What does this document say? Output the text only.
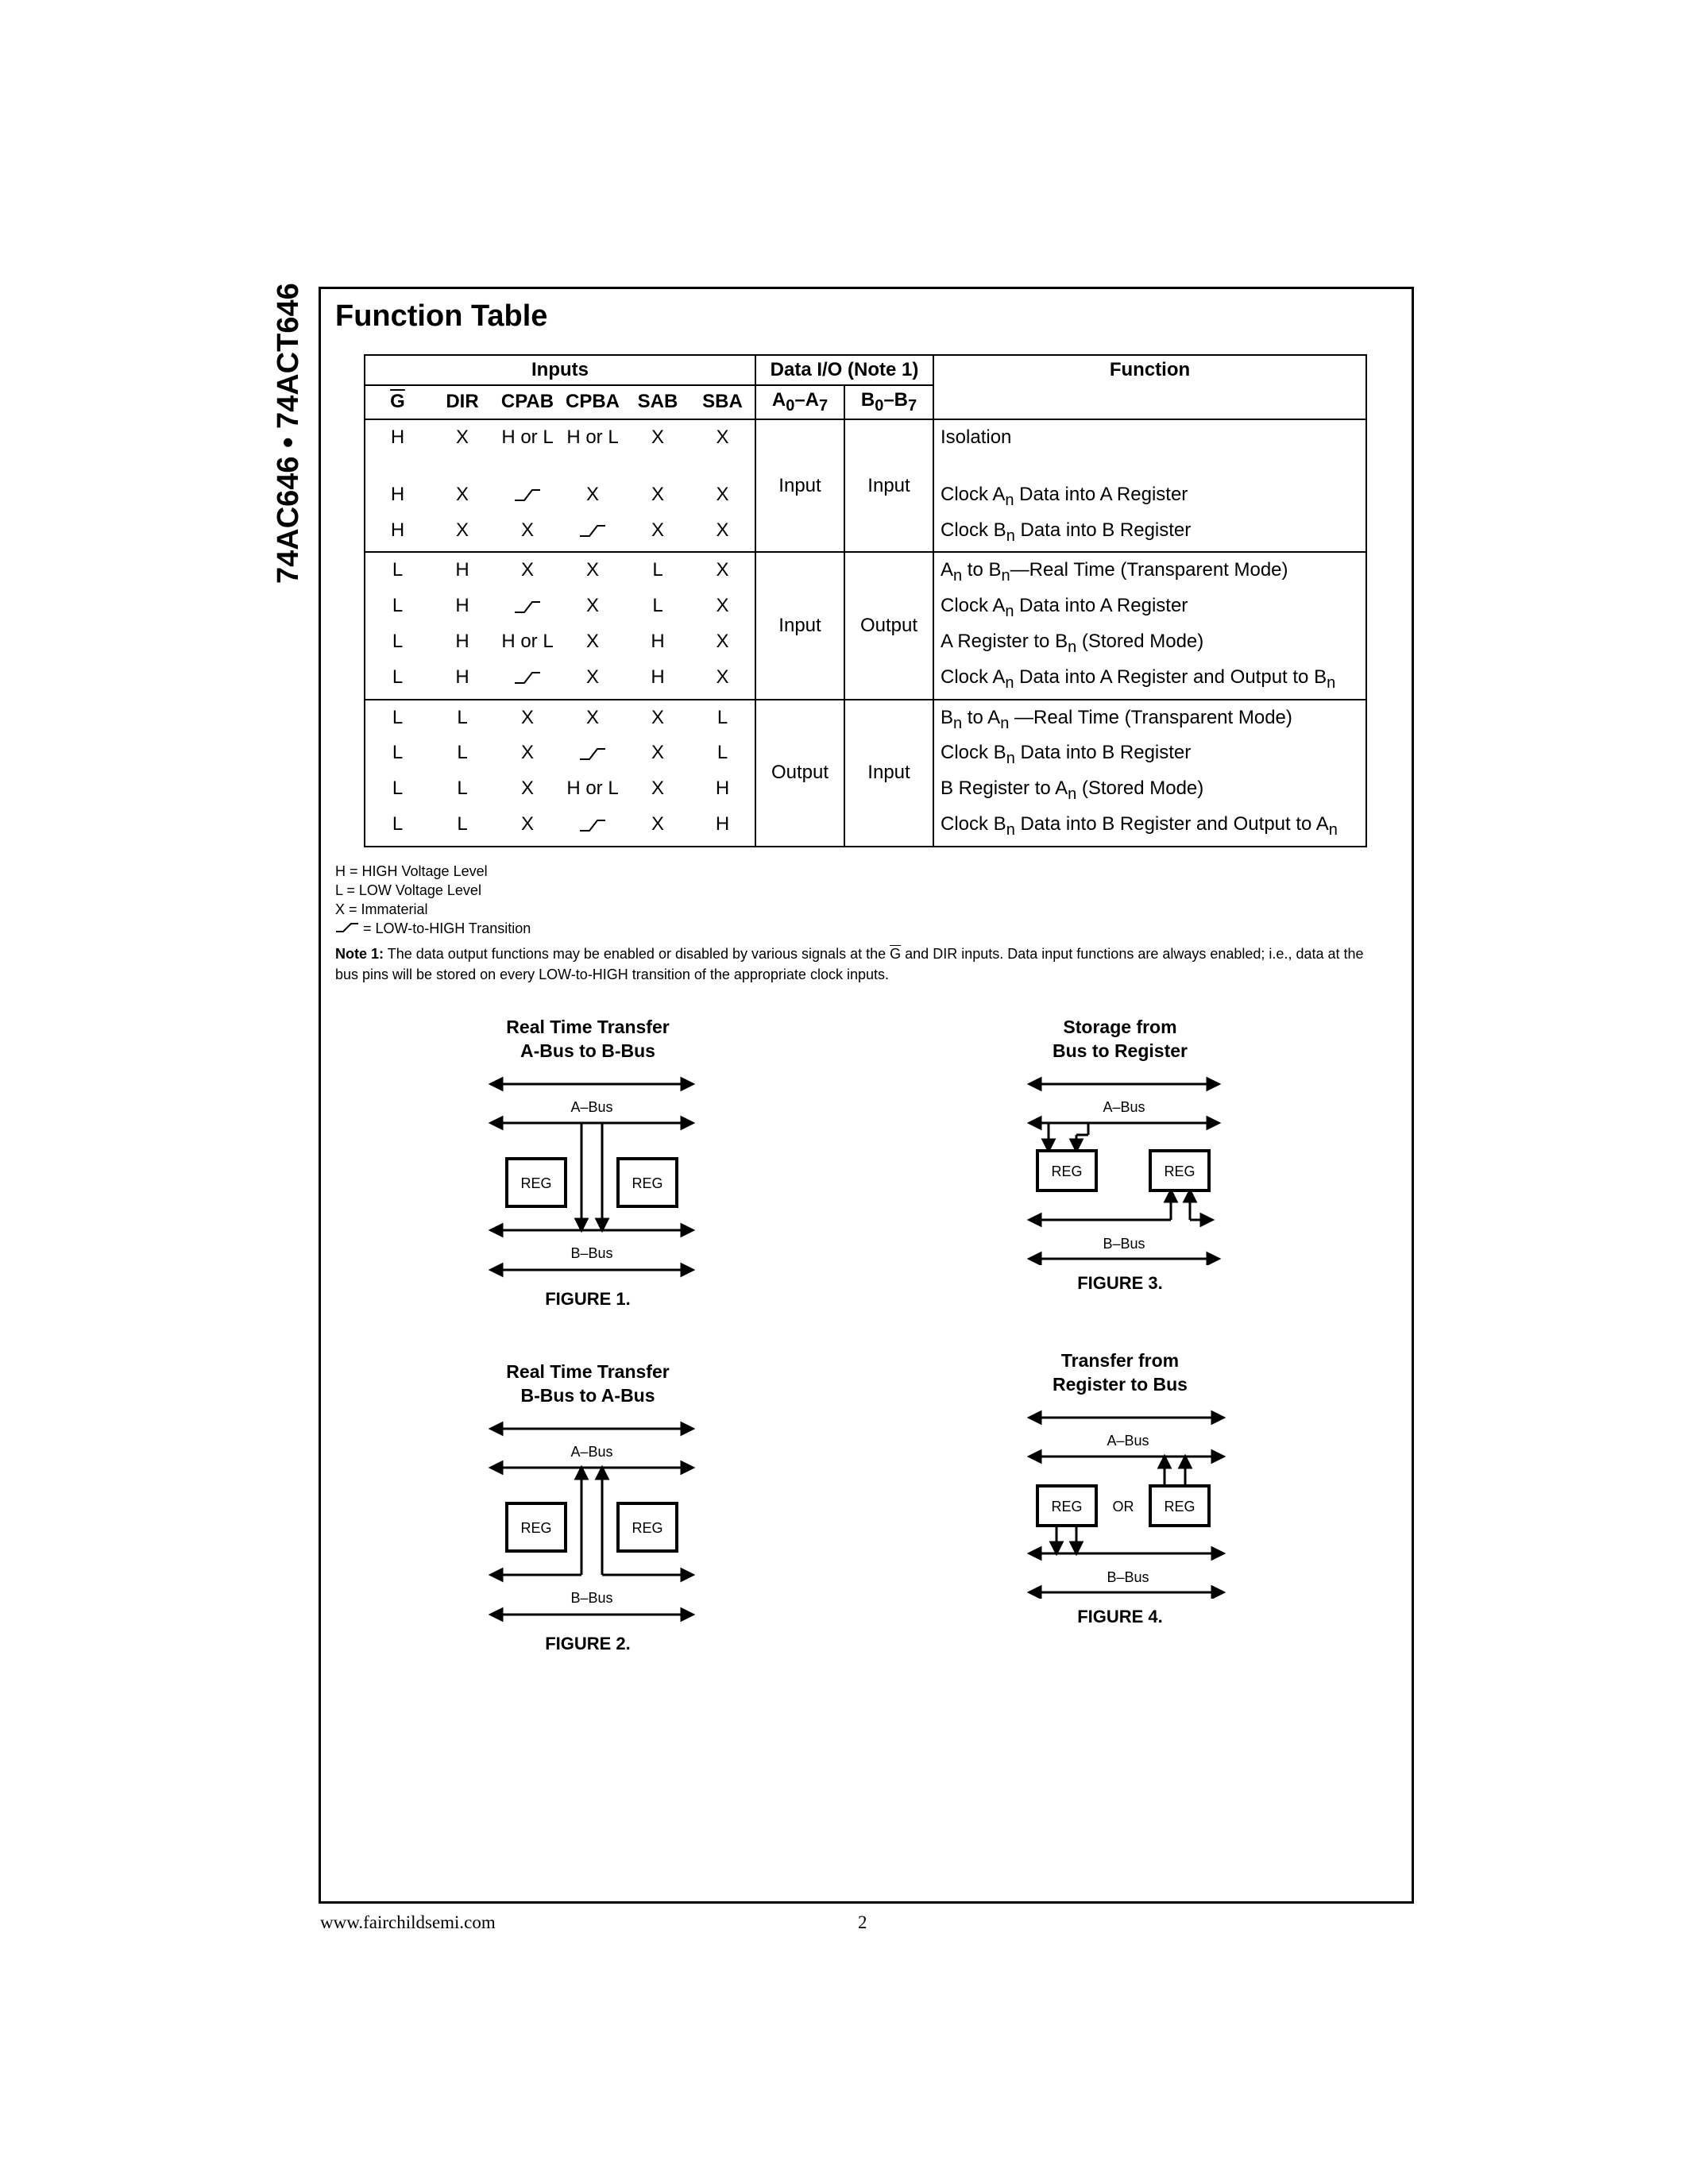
74AC646 • 74ACT646 Function Table
Inputs						Data I/O (Note 1)		Function
$\overline{G}$	DIR	CPAB	CPBA	SAB	SBA	$A_0-A_7$	$B_0-B_7$
H	X	H or L	H or L	X	X	Input	Input	Isolation
H	X		X	X	X			Clock $A_n$ Data into A Register
H	X	X		X	X			Clock $B_n$ Data into B Register
L	H	X	X	L	X	Input	Output	$A_n$ to $B_n—Real$ Time (Transparent Mode)
L	H		X	L	X			Clock $A_n$ Data into A Register
L	H	H or L	X	H	X			A Register to $B_n$ (Stored Mode)
L	H		X	H	X			Clock $A_n$ Data into A Register and Output to $B_n$
L	L	X	X	X	L	Output	Input	$B_n$ to $A_n$ —Real Time (Transparent Mode)
L	L	X		X	L			Clock $B_n$ Data into B Register
L	L	X	H or L	X	H			B Register to $A_n$ (Stored Mode)
L	L	X		X	H			Clock $B_n$ Data into B Register and Output to $A_n$
H = HIGH Voltage Level
L = LOW Voltage Level
X = Immaterial
= LOW-to-HIGH Transition
Note 1: The data output functions may be enabled or disabled by various signals at the $\overline{G}$ and DIR inputs. Data input functions are always enabled; i.e., data at the bus pins will be stored on every LOW-to-HIGH transition of the appropriate clock inputs.
Real Time Transfer
A-Bus to B-Bus
REG	REG
A–Bus
B–Bus
FIGURE 1.
Real Time Transfer
B-Bus to A-Bus
REG	REG
A–Bus
B–Bus
FIGURE 2.
Storage from
Bus to Register
REG	REG
A–Bus
B–Bus
FIGURE 3.
Transfer from
Register to Bus
REG	REG
OR
A–Bus
B–Bus
FIGURE 4.
www.fairchildsemi.com	2
